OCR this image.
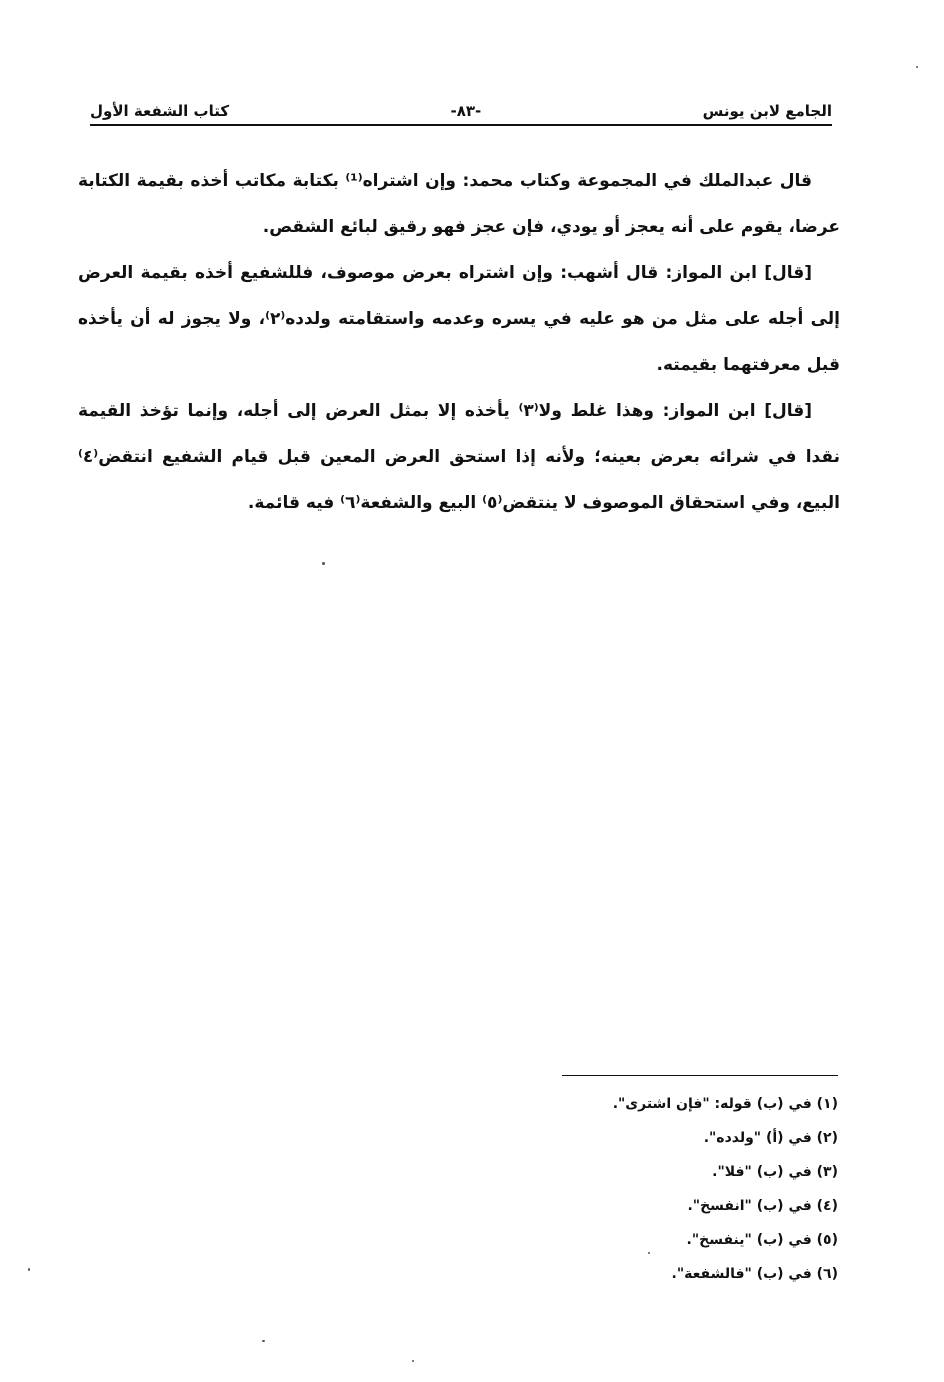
الجامع لابن يونس
-٨٣-
كتاب الشفعة الأول

قال عبدالملك في المجموعة وكتاب محمد: وإن اشتراه⁽¹⁾ بكتابة مكاتب أخذه بقيمة الكتابة عرضا، يقوم على أنه يعجز أو يودي، فإن عجز فهو رقيق لبائع الشقص.

[قال] ابن المواز: قال أشهب: وإن اشتراه بعرض موصوف، فللشفيع أخذه بقيمة العرض إلى أجله على مثل من هو عليه في يسره وعدمه واستقامته ولدده⁽٢⁾، ولا يجوز له أن يأخذه قبل معرفتهما بقيمته.

[قال] ابن المواز: وهذا غلط ولا⁽٣⁾ يأخذه إلا بمثل العرض إلى أجله، وإنما تؤخذ القيمة نقدا في شرائه بعرض بعينه؛ ولأنه إذا استحق العرض المعين قبل قيام الشفيع انتقض⁽٤⁾ البيع، وفي استحقاق الموصوف لا ينتقض⁽٥⁾ البيع والشفعة⁽٦⁾ فيه قائمة.

(١) في (ب) قوله: "فإن اشترى".
(٢) في (أ) "ولدده".
(٣) في (ب) "فلا".
(٤) في (ب) "انفسخ".
(٥) في (ب) "ينفسخ".
(٦) في (ب) "فالشفعة".
